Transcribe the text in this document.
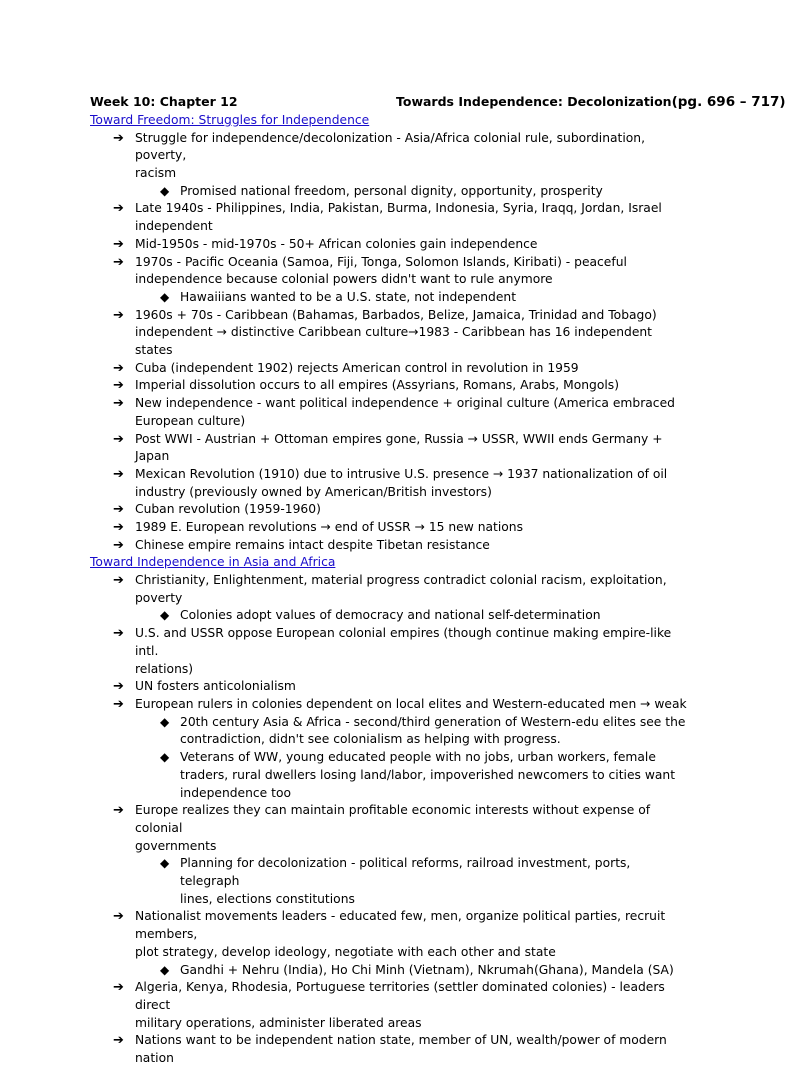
Week 10: Chapter 12	Towards Independence: Decolonization(pg. 696 – 717)
Toward Freedom: Struggles for Independence
➔ Struggle for independence/decolonization - Asia/Africa colonial rule, subordination, poverty,
racism
◆ Promised national freedom, personal dignity, opportunity, prosperity
➔ Late 1940s - Philippines, India, Pakistan, Burma, Indonesia, Syria, Iraqq, Jordan, Israel
independent
➔ Mid-1950s - mid-1970s - 50+ African colonies gain independence
➔ 1970s - Pacific Oceania (Samoa, Fiji, Tonga, Solomon Islands, Kiribati) - peaceful
independence because colonial powers didn't want to rule anymore
◆ Hawaiiians wanted to be a U.S. state, not independent
➔ 1960s + 70s - Caribbean (Bahamas, Barbados, Belize, Jamaica, Trinidad and Tobago)
independent → distinctive Caribbean culture→1983 - Caribbean has 16 independent states
➔ Cuba (independent 1902) rejects American control in revolution in 1959
➔ Imperial dissolution occurs to all empires (Assyrians, Romans, Arabs, Mongols)
➔ New independence - want political independence + original culture (America embraced
European culture)
➔ Post WWI - Austrian + Ottoman empires gone, Russia → USSR, WWII ends Germany +
Japan
➔ Mexican Revolution (1910) due to intrusive U.S. presence → 1937 nationalization of oil
industry (previously owned by American/British investors)
➔ Cuban revolution (1959-1960)
➔ 1989 E. European revolutions → end of USSR → 15 new nations
➔ Chinese empire remains intact despite Tibetan resistance
Toward Independence in Asia and Africa
➔ Christianity, Enlightenment, material progress contradict colonial racism, exploitation, poverty
◆ Colonies adopt values of democracy and national self-determination
➔ U.S. and USSR oppose European colonial empires (though continue making empire-like intl.
relations)
➔ UN fosters anticolonialism
➔ European rulers in colonies dependent on local elites and Western-educated men → weak
◆ 20th century Asia & Africa - second/third generation of Western-edu elites see the
contradiction, didn't see colonialism as helping with progress.
◆ Veterans of WW, young educated people with no jobs, urban workers, female
traders, rural dwellers losing land/labor, impoverished newcomers to cities want
independence too
➔ Europe realizes they can maintain profitable economic interests without expense of colonial
governments
◆ Planning for decolonization - political reforms, railroad investment, ports, telegraph
lines, elections constitutions
➔ Nationalist movements leaders - educated few, men, organize political parties, recruit members,
plot strategy, develop ideology, negotiate with each other and state
◆ Gandhi + Nehru (India), Ho Chi Minh (Vietnam), Nkrumah(Ghana), Mandela (SA)
➔ Algeria, Kenya, Rhodesia, Portuguese territories (settler dominated colonies) - leaders direct
military operations, administer liberated areas
➔ Nations want to be independent nation state, member of UN, wealth/power of modern nation
